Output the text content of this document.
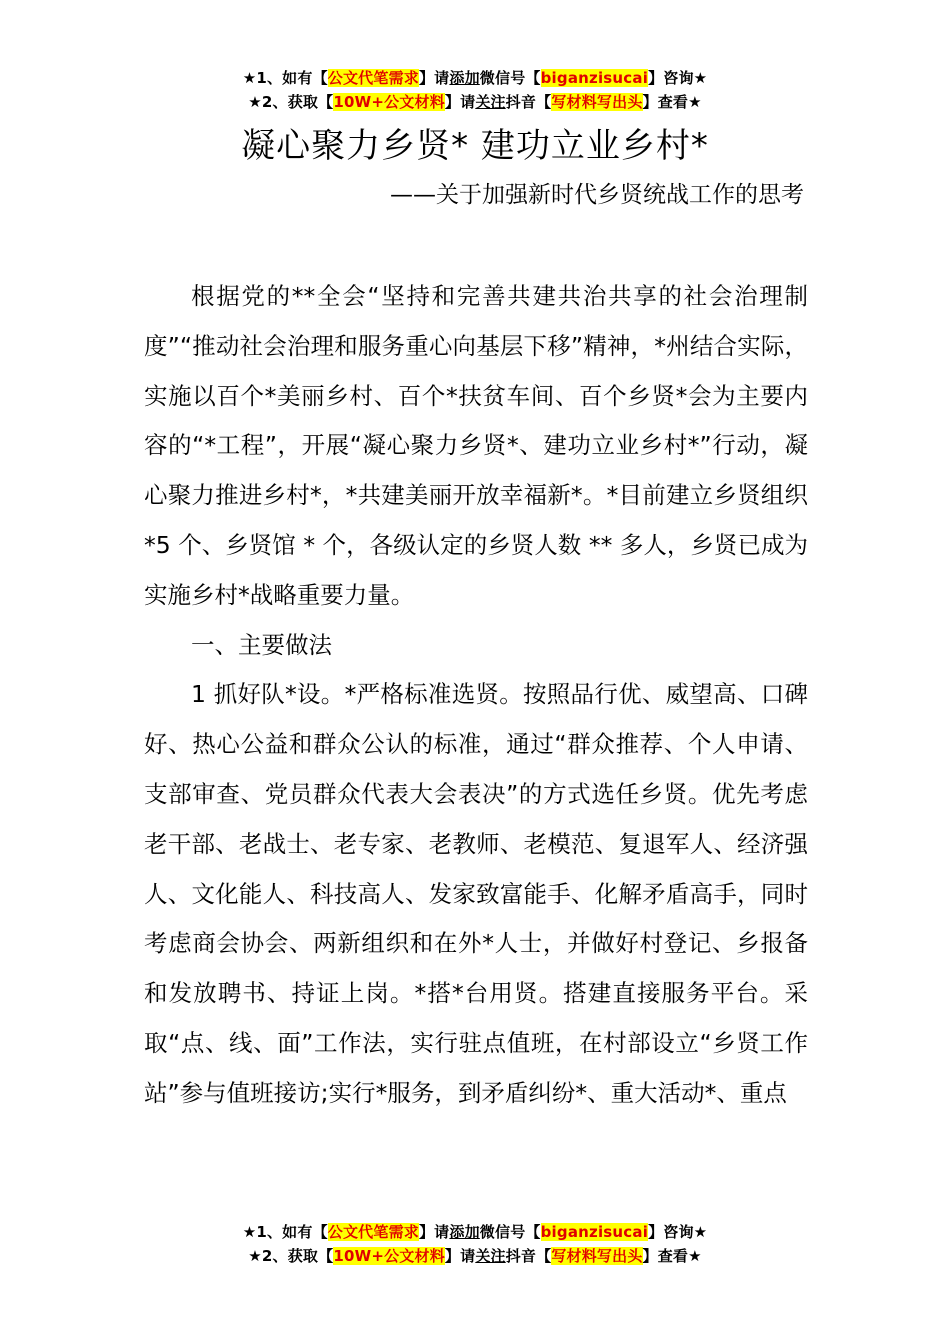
★1、如有【公文代笔需求】请添加微信号【biganzisucai】咨询★
★2、获取【10W+公文材料】请关注抖音【写材料写出头】查看★
凝心聚力乡贤* 建功立业乡村*
——关于加强新时代乡贤统战工作的思考

根据党的**全会“坚持和完善共建共治共享的社会治理制度”“推动社会治理和服务重心向基层下移”精神，*州结合实际，实施以百个*美丽乡村、百个*扶贫车间、百个乡贤*会为主要内容的“*工程”，开展“凝心聚力乡贤*、建功立业乡村*”行动，凝心聚力推进乡村*，*共建美丽开放幸福新*。*目前建立乡贤组织 *5 个、乡贤馆 * 个，各级认定的乡贤人数 ** 多人，乡贤已成为实施乡村*战略重要力量。

一、主要做法

1 抓好队*设。*严格标准选贤。按照品行优、威望高、口碑好、热心公益和群众公认的标准，通过“群众推荐、个人申请、支部审查、党员群众代表大会表决”的方式选任乡贤。优先考虑老干部、老战士、老专家、老教师、老模范、复退军人、经济强人、文化能人、科技高人、发家致富能手、化解矛盾高手，同时考虑商会协会、两新组织和在外*人士，并做好村登记、乡报备和发放聘书、持证上岗。*搭*台用贤。搭建直接服务平台。采取“点、线、面”工作法，实行驻点值班，在村部设立“乡贤工作站”参与值班接访;实行*服务，到矛盾纠纷*、重大活动*、重点

★1、如有【公文代笔需求】请添加微信号【biganzisucai】咨询★
★2、获取【10W+公文材料】请关注抖音【写材料写出头】查看★
